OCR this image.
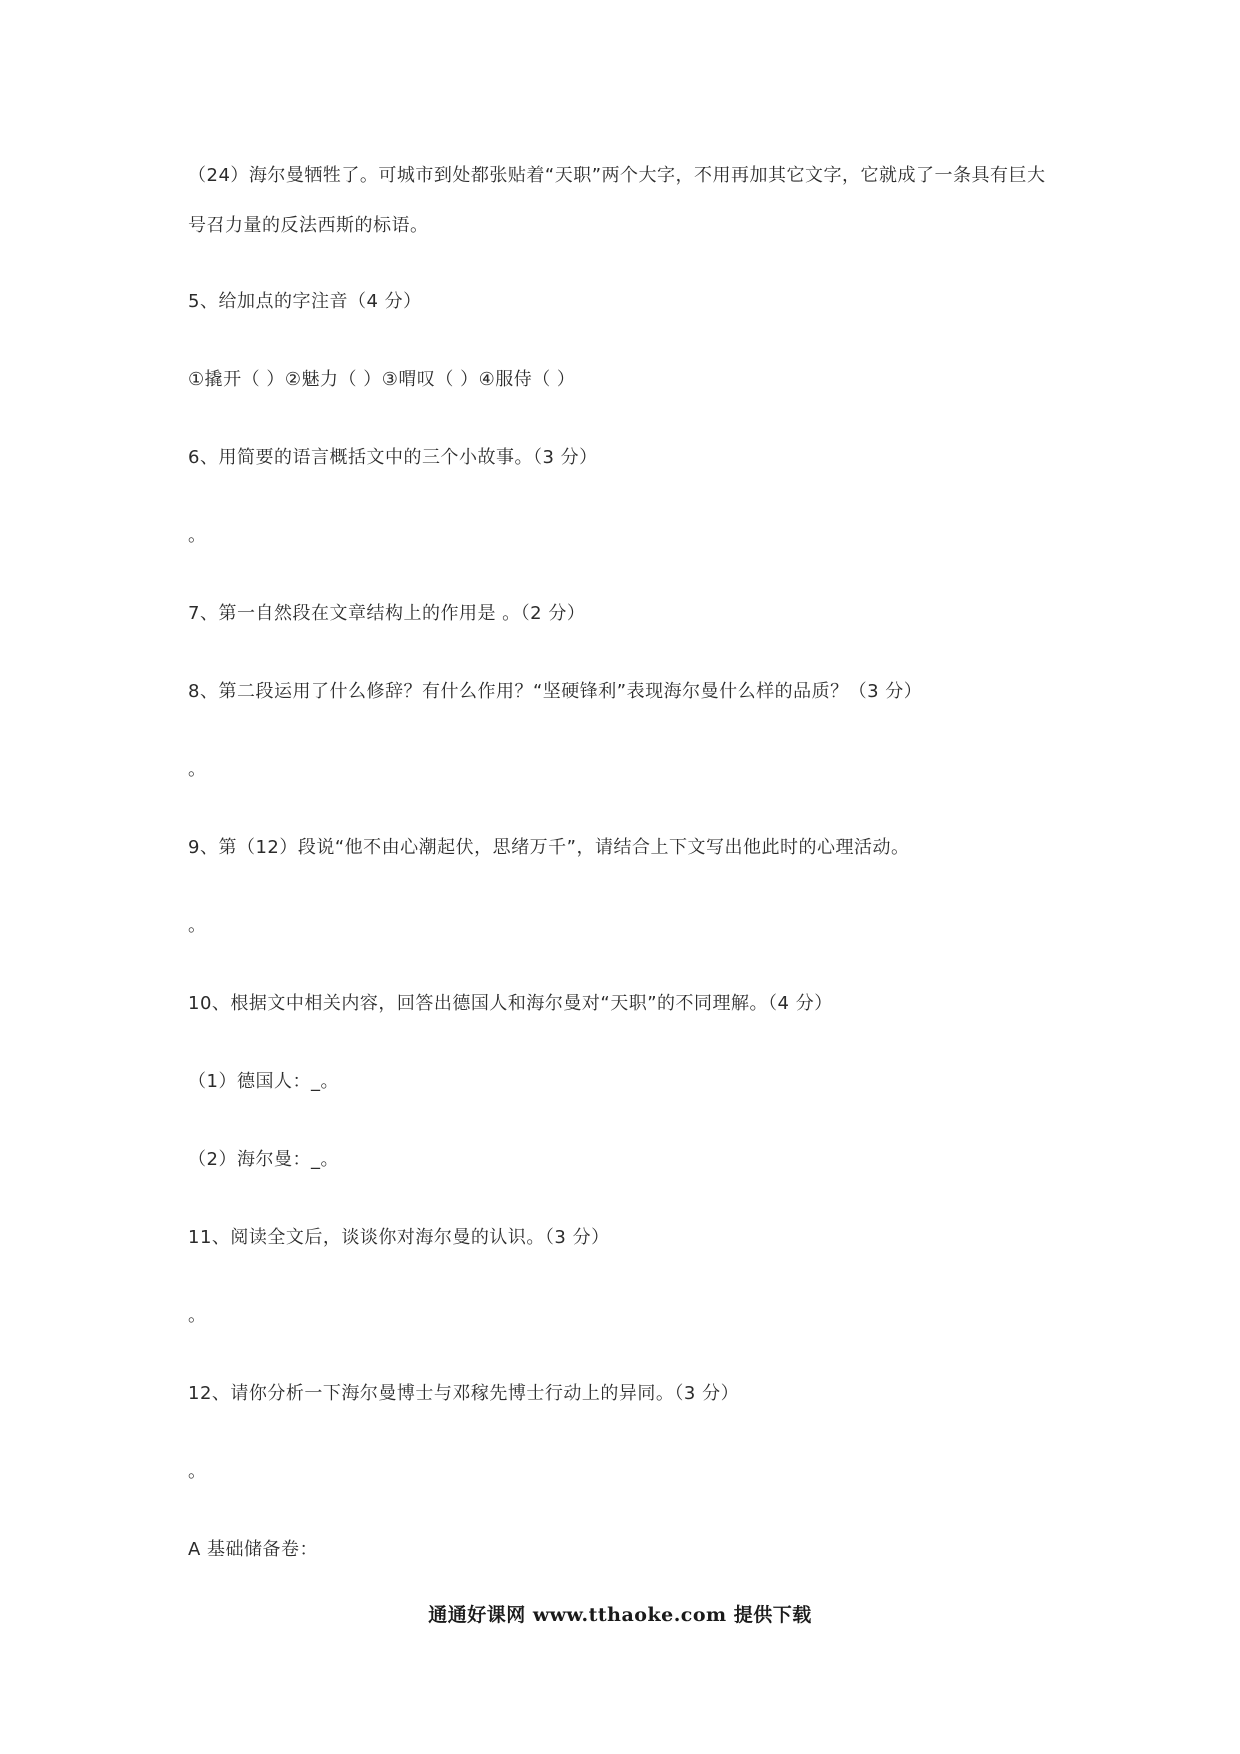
（24）海尔曼牺牲了。可城市到处都张贴着“天职”两个大字，不用再加其它文字，它就成了一条具有巨大
号召力量的反法西斯的标语。
5、给加点的字注音（4 分）
①撬开（ ）②魅力（ ）③喟叹（ ）④服侍（ ）
6、用简要的语言概括文中的三个小故事。（3 分）
。
7、第一自然段在文章结构上的作用是 。（2 分）
8、第二段运用了什么修辞？有什么作用？“坚硬锋利”表现海尔曼什么样的品质？（3 分）
。
9、第（12）段说“他不由心潮起伏，思绪万千”，请结合上下文写出他此时的心理活动。
。
10、根据文中相关内容，回答出德国人和海尔曼对“天职”的不同理解。（4 分）
（1）德国人：_。
（2）海尔曼：_。
11、阅读全文后，谈谈你对海尔曼的认识。（3 分）
。
12、请你分析一下海尔曼博士与邓稼先博士行动上的异同。（3 分）
。
A 基础储备卷：
通通好课网 www.tthaoke.com 提供下载
